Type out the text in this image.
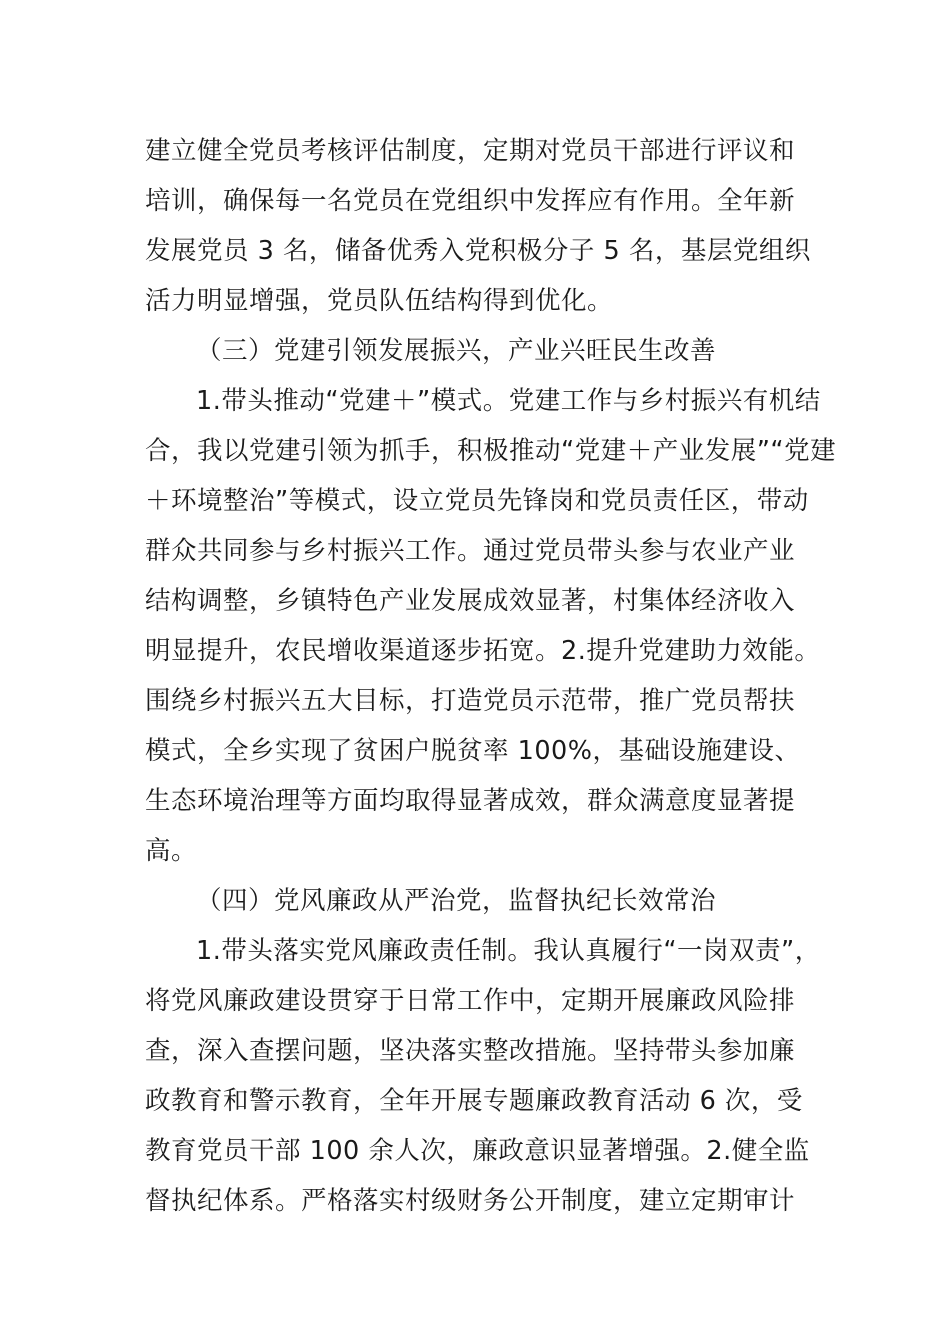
建立健全党员考核评估制度，定期对党员干部进行评议和
培训，确保每一名党员在党组织中发挥应有作用。全年新
发展党员 3 名，储备优秀入党积极分子 5 名，基层党组织
活力明显增强，党员队伍结构得到优化。
（三）党建引领发展振兴，产业兴旺民生改善
1.带头推动“党建＋”模式。党建工作与乡村振兴有机结
合，我以党建引领为抓手，积极推动“党建＋产业发展”“党建
＋环境整治”等模式，设立党员先锋岗和党员责任区，带动
群众共同参与乡村振兴工作。通过党员带头参与农业产业
结构调整，乡镇特色产业发展成效显著，村集体经济收入
明显提升，农民增收渠道逐步拓宽。2.提升党建助力效能。
围绕乡村振兴五大目标，打造党员示范带，推广党员帮扶
模式，全乡实现了贫困户脱贫率 100%，基础设施建设、
生态环境治理等方面均取得显著成效，群众满意度显著提
高。
（四）党风廉政从严治党，监督执纪长效常治
1.带头落实党风廉政责任制。我认真履行“一岗双责”，
将党风廉政建设贯穿于日常工作中，定期开展廉政风险排
查，深入查摆问题，坚决落实整改措施。坚持带头参加廉
政教育和警示教育，全年开展专题廉政教育活动 6 次，受
教育党员干部 100 余人次，廉政意识显著增强。2.健全监
督执纪体系。严格落实村级财务公开制度，建立定期审计
